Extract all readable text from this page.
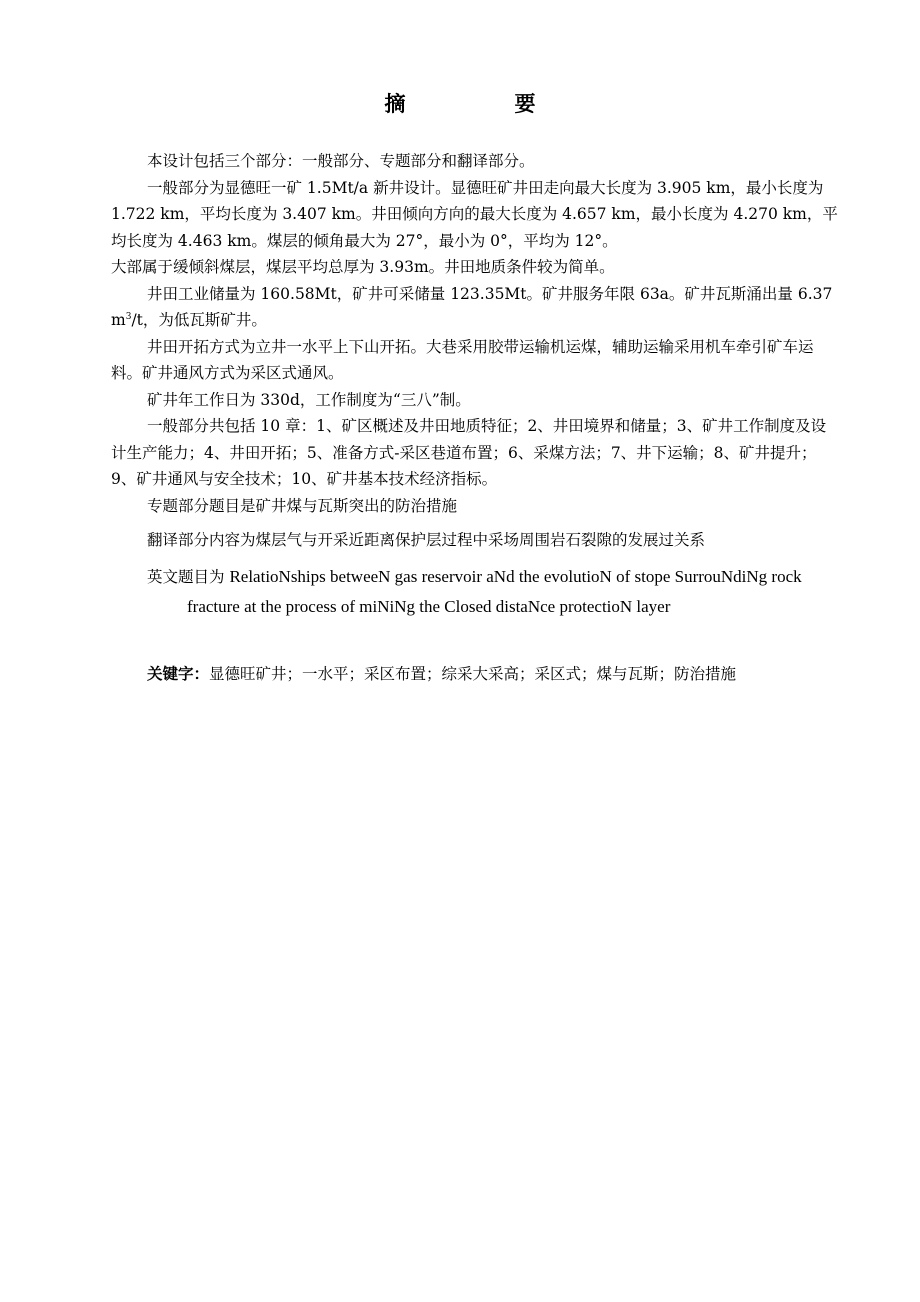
摘　要

本设计包括三个部分：一般部分、专题部分和翻译部分。

一般部分为显德旺一矿 1.5Mt/a 新井设计。显德旺矿井田走向最大长度为 3.905 km，最小长度为 1.722 km，平均长度为 3.407 km。井田倾向方向的最大长度为 4.657 km，最小长度为 4.270 km，平均长度为 4.463 km。煤层的倾角最大为 27°，最小为 0°，平均为 12°。

大部属于缓倾斜煤层，煤层平均总厚为 3.93m。井田地质条件较为简单。

井田工业储量为 160.58Mt，矿井可采储量 123.35Mt。矿井服务年限 63a。矿井瓦斯涌出量 6.37 $m^3/t$，为低瓦斯矿井。

井田开拓方式为立井一水平上下山开拓。大巷采用胶带运输机运煤，辅助运输采用机车牵引矿车运料。矿井通风方式为采区式通风。

矿井年工作日为 330d，工作制度为“三八”制。

一般部分共包括 10 章：1、矿区概述及井田地质特征；2、井田境界和储量；3、矿井工作制度及设计生产能力；4、井田开拓；5、准备方式-采区巷道布置；6、采煤方法；7、井下运输；8、矿井提升；9、矿井通风与安全技术；10、矿井基本技术经济指标。

专题部分题目是矿井煤与瓦斯突出的防治措施

翻译部分内容为煤层气与开采近距离保护层过程中采场周围岩石裂隙的发展过关系

英文题目为 RelatioNships betweeN gas reservoir aNd the evolutioN of stope SurrouNdiNg rock fracture at the process of miNiNg the Closed distaNce protectioN layer

关键字：显德旺矿井；一水平；采区布置；综采大采高；采区式；煤与瓦斯；防治措施
